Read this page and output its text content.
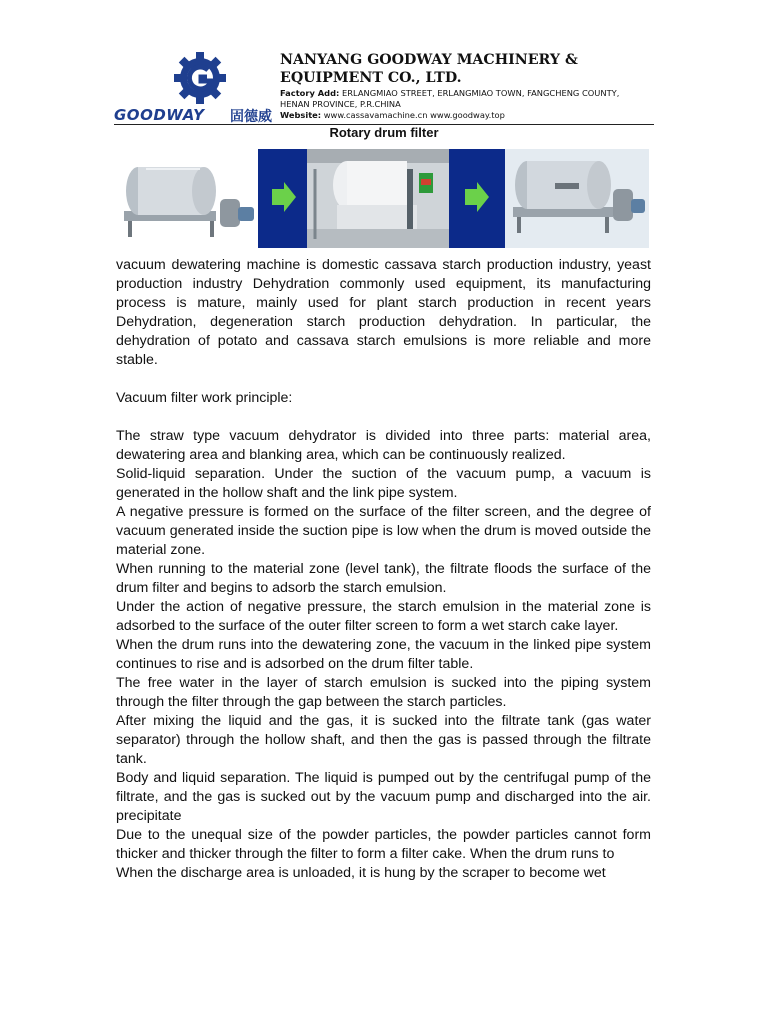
GOODWAY 固德威
NANYANG GOODWAY MACHINERY &
EQUIPMENT CO., LTD.
Factory Add: ERLANGMIAO STREET, ERLANGMIAO TOWN, FANGCHENG COUNTY,
HENAN PROVINCE, P.R.CHINA
Website: www.cassavamachine.cn www.goodway.top
Rotary drum filter

vacuum dewatering machine is domestic cassava starch production industry, yeast production industry Dehydration commonly used equipment, its manufacturing process is mature, mainly used for plant starch production in recent years Dehydration, degeneration starch production dehydration. In particular, the dehydration of potato and cassava starch emulsions is more reliable and more stable.

Vacuum filter work principle:

The straw type vacuum dehydrator is divided into three parts: material area, dewatering area and blanking area, which can be continuously realized.

Solid-liquid separation. Under the suction of the vacuum pump, a vacuum is generated in the hollow shaft and the link pipe system.

A negative pressure is formed on the surface of the filter screen, and the degree of vacuum generated inside the suction pipe is low when the drum is moved outside the material zone.

When running to the material zone (level tank), the filtrate floods the surface of the drum filter and begins to adsorb the starch emulsion.

Under the action of negative pressure, the starch emulsion in the material zone is adsorbed to the surface of the outer filter screen to form a wet starch cake layer.

When the drum runs into the dewatering zone, the vacuum in the linked pipe system continues to rise and is adsorbed on the drum filter table.

The free water in the layer of starch emulsion is sucked into the piping system through the filter through the gap between the starch particles.

After mixing the liquid and the gas, it is sucked into the filtrate tank (gas water separator) through the hollow shaft, and then the gas is passed through the filtrate tank.

Body and liquid separation. The liquid is pumped out by the centrifugal pump of the filtrate, and the gas is sucked out by the vacuum pump and discharged into the air. precipitate

Due to the unequal size of the powder particles, the powder particles cannot form thicker and thicker through the filter to form a filter cake. When the drum runs to

When the discharge area is unloaded, it is hung by the scraper to become wet
